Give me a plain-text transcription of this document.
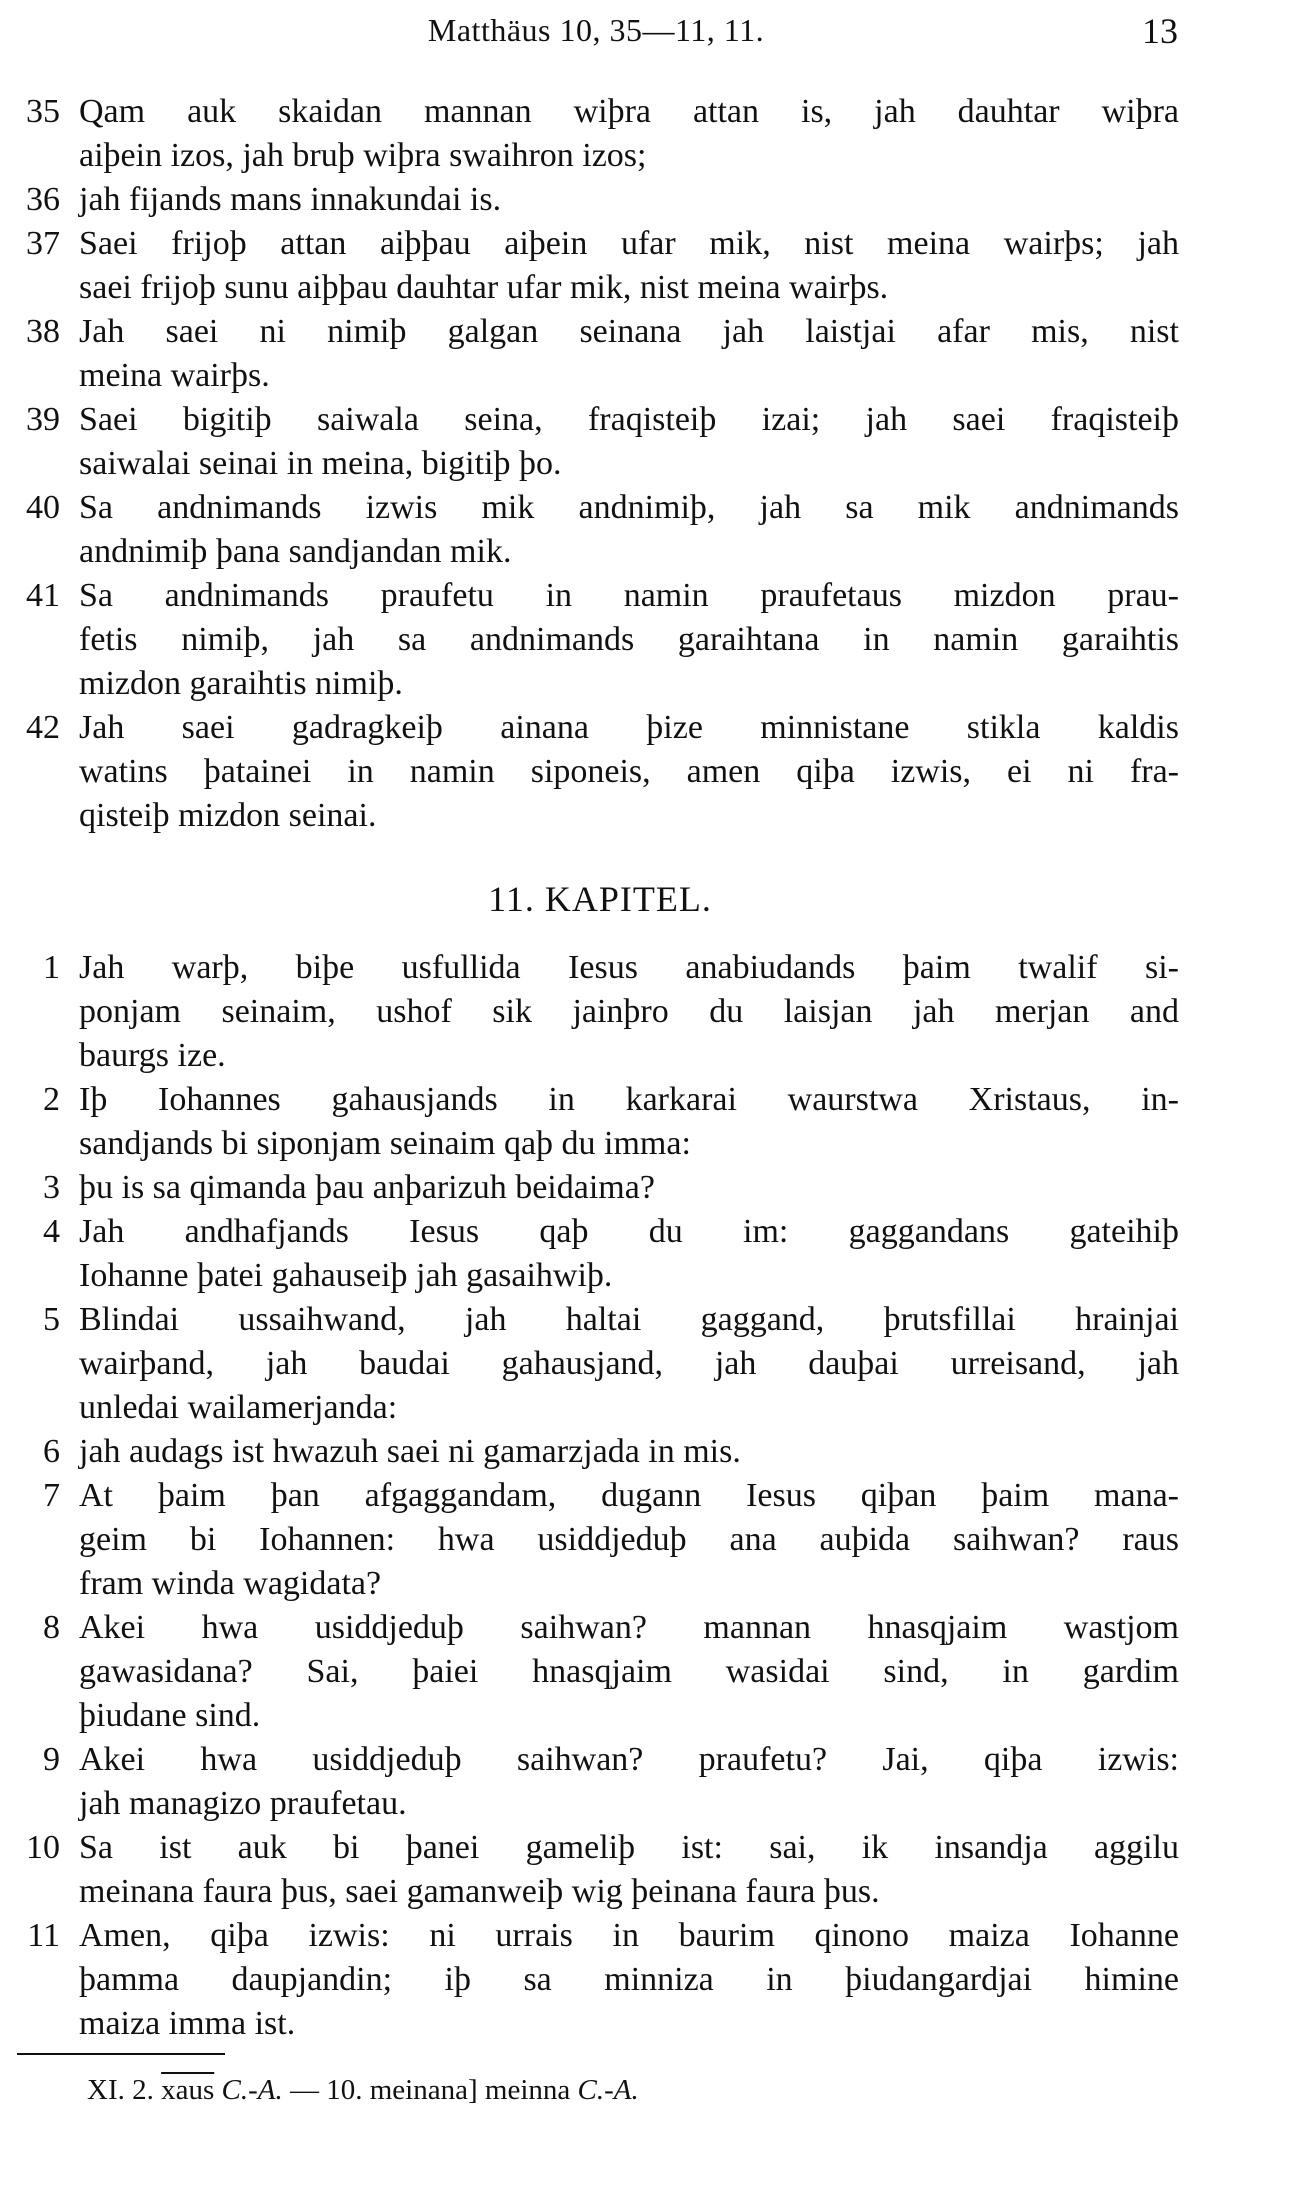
Matthäus 10, 35—11, 11.	13
35 Qam auk skaidan mannan wiþra attan is, jah dauhtar wiþra
aiþein izos, jah bruþ wiþra swaihron izos;
36 jah fijands mans innakundai is.
37 Saei frijoþ attan aiþþau aiþein ufar mik, nist meina wairþs; jah
saei frijoþ sunu aiþþau dauhtar ufar mik, nist meina wairþs.
38 Jah saei ni nimiþ galgan seinana jah laistjai afar mis, nist
meina wairþs.
39 Saei bigitiþ saiwala seina, fraqisteiþ izai; jah saei fraqisteiþ
saiwalai seinai in meina, bigitiþ þo.
40 Sa andnimands izwis mik andnimiþ, jah sa mik andnimands
andnimiþ þana sandjandan mik.
41 Sa andnimands praufetu in namin praufetaus mizdon prau-
fetis nimiþ, jah sa andnimands garaihtana in namin garaihtis
mizdon garaihtis nimiþ.
42 Jah saei gadragkeiþ ainana þize minnistane stikla kaldis
watins þatainei in namin siponeis, amen qiþa izwis, ei ni fra-
qisteiþ mizdon seinai.
11. KAPITEL.
1 Jah warþ, biþe usfullida Iesus anabiudands þaim twalif si-
ponjam seinaim, ushof sik jainþro du laisjan jah merjan and
baurgs ize.
2 Iþ Iohannes gahausjands in karkarai waurstwa Xristaus, in-
sandjands bi siponjam seinaim qaþ du imma:
3 þu is sa qimanda þau anþarizuh beidaima?
4 Jah andhafjands Iesus qaþ du im: gaggandans gateihiþ
Iohanne þatei gahauseiþ jah gasaihwiþ.
5 Blindai ussaihwand, jah haltai gaggand, þrutsfillai hrainjai
wairþand, jah baudai gahausjand, jah dauþai urreisand, jah
unledai wailamerjanda:
6 jah audags ist hwazuh saei ni gamarzjada in mis.
7 At þaim þan afgaggandam, dugann Iesus qiþan þaim mana-
geim bi Iohannen: hwa usiddjeduþ ana auþida saihwan? raus
fram winda wagidata?
8 Akei hwa usiddjeduþ saihwan? mannan hnasqjaim wastjom
gawasidana? Sai, þaiei hnasqjaim wasidai sind, in gardim
þiudane sind.
9 Akei hwa usiddjeduþ saihwan? praufetu? Jai, qiþa izwis:
jah managizo praufetau.
10 Sa ist auk bi þanei gameliþ ist: sai, ik insandja aggilu
meinana faura þus, saei gamanweiþ wig þeinana faura þus.
11 Amen, qiþa izwis: ni urrais in baurim qinono maiza Iohanne
þamma daupjandin; iþ sa minniza in þiudangardjai himine
maiza imma ist.
XI. 2. xaus C.-A. — 10. meinana] meinna C.-A.
